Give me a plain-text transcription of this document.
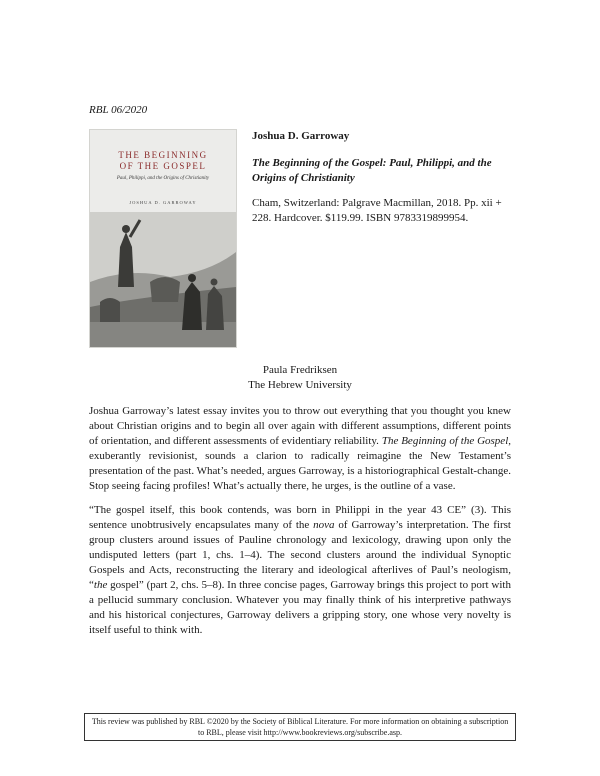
RBL 06/2020
THE BEGINNING
OF THE GOSPEL
Paul, Philippi, and the Origins of Christianity
JOSHUA D. GARROWAY
Joshua D. Garroway
The Beginning of the Gospel: Paul, Philippi, and the Origins of Christianity
Cham, Switzerland: Palgrave Macmillan, 2018. Pp. xii + 228. Hardcover. $119.99. ISBN 9783319899954.
Paula Fredriksen
The Hebrew University

Joshua Garroway’s latest essay invites you to throw out everything that you thought you knew about Christian origins and to begin all over again with different assumptions, different points of orientation, and different assessments of evidentiary reliability. The Beginning of the Gospel, exuberantly revisionist, sounds a clarion to radically reimagine the New Testament’s presentation of the past. What’s needed, argues Garroway, is a historiographical Gestalt-change. Stop seeing facing profiles! What’s actually there, he urges, is the outline of a vase.

“The gospel itself, this book contends, was born in Philippi in the year 43 CE” (3). This sentence unobtrusively encapsulates many of the nova of Garroway’s interpretation. The first group clusters around issues of Pauline chronology and lexicology, drawing upon only the undisputed letters (part 1, chs. 1–4). The second clusters around the individual Synoptic Gospels and Acts, reconstructing the literary and ideological afterlives of Paul’s neologism, “the gospel” (part 2, chs. 5–8). In three concise pages, Garroway brings this project to port with a pellucid summary conclusion. Whatever you may finally think of his interpretive pathways and his historical conjectures, Garroway delivers a gripping story, one whose very novelty is itself useful to think with.

This review was published by RBL ©2020 by the Society of Biblical Literature. For more information on obtaining a subscription to RBL, please visit http://www.bookreviews.org/subscribe.asp.
